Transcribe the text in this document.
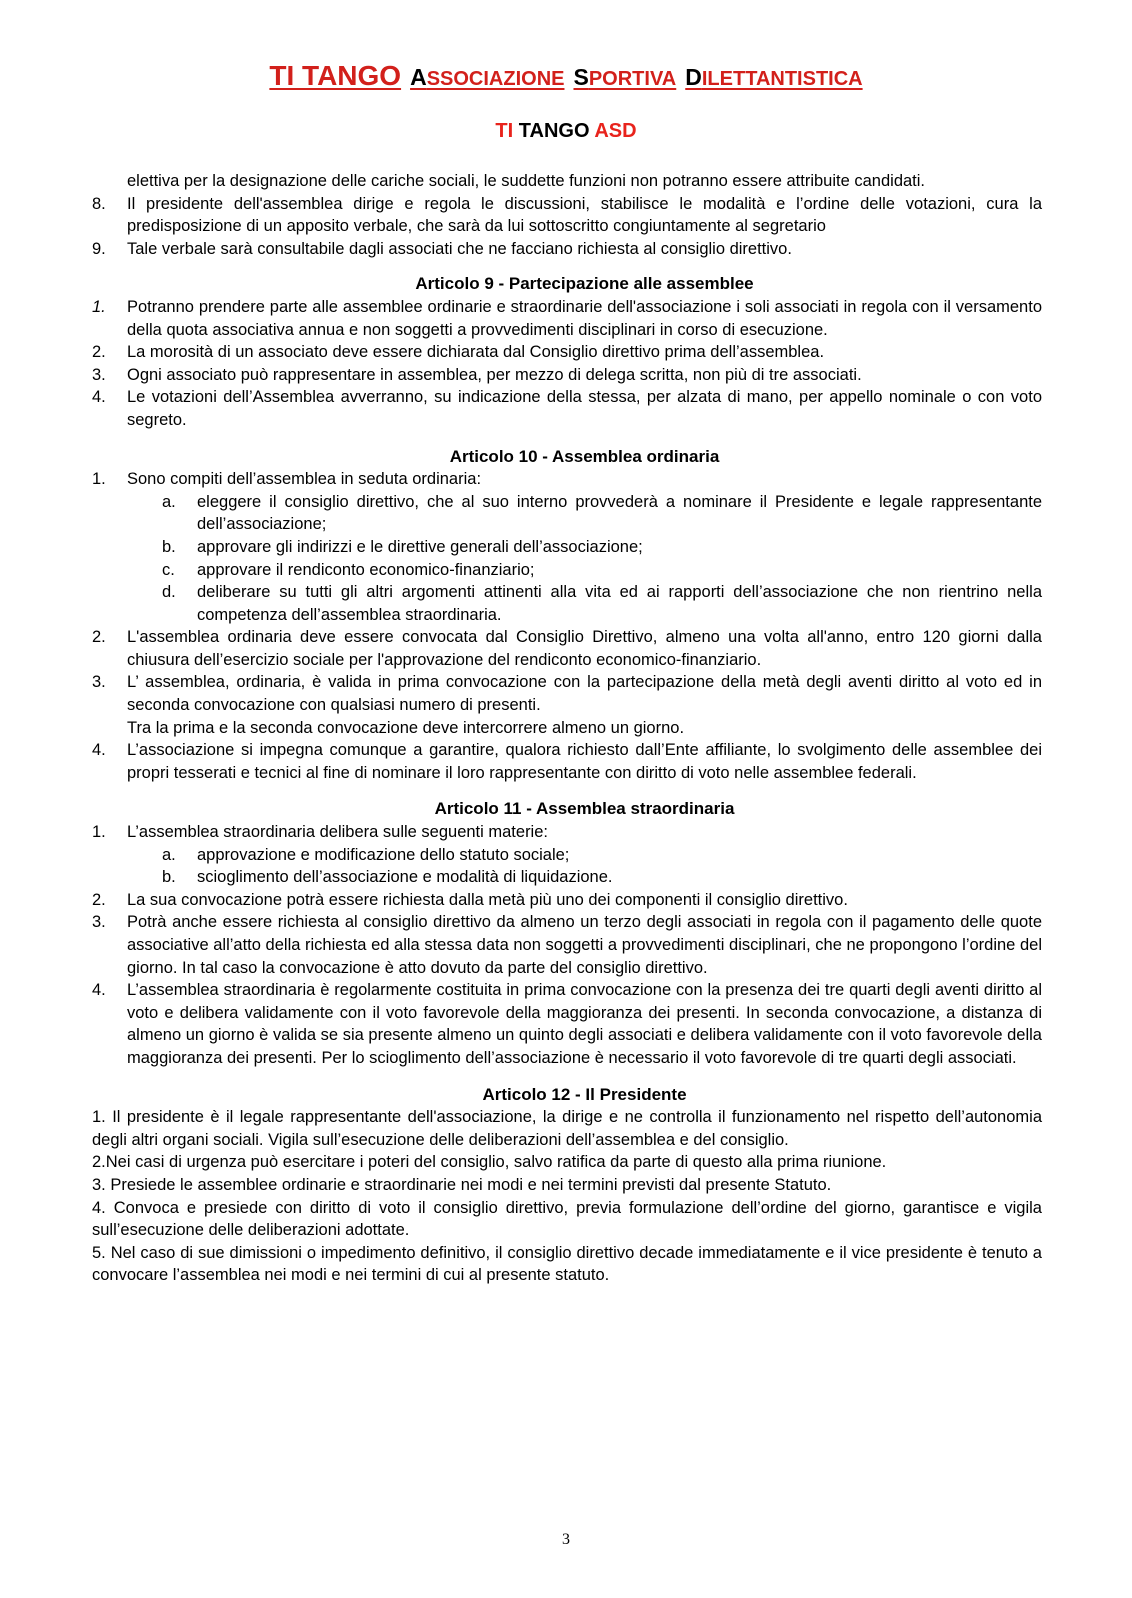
TI TANGO ASSOCIAZIONE SPORTIVA DILETTANTISTICA
TI TANGO ASD
elettiva per la designazione delle cariche sociali, le suddette funzioni non potranno essere attribuite candidati.
8. Il presidente dell'assemblea dirige e regola le discussioni, stabilisce le modalità e l’ordine delle votazioni, cura la predisposizione di un apposito verbale, che sarà da lui sottoscritto congiuntamente al segretario
9. Tale verbale sarà consultabile dagli associati che ne facciano richiesta al consiglio direttivo.
Articolo 9 - Partecipazione alle assemblee
1. Potranno prendere parte alle assemblee ordinarie e straordinarie dell'associazione i soli associati in regola con il versamento della quota associativa annua e non soggetti a provvedimenti disciplinari in corso di esecuzione.
2. La morosità di un associato deve essere dichiarata dal Consiglio direttivo prima dell’assemblea.
3. Ogni associato può rappresentare in assemblea, per mezzo di delega scritta, non più di tre associati.
4. Le votazioni dell’Assemblea avverranno, su indicazione della stessa, per alzata di mano, per appello nominale o con voto segreto.
Articolo 10 - Assemblea ordinaria
1. Sono compiti dell’assemblea in seduta ordinaria:
a. eleggere il consiglio direttivo, che al suo interno provvederà a nominare il Presidente e legale rappresentante dell’associazione;
b. approvare gli indirizzi e le direttive generali dell’associazione;
c. approvare il rendiconto economico-finanziario;
d. deliberare su tutti gli altri argomenti attinenti alla vita ed ai rapporti dell’associazione che non rientrino nella competenza dell’assemblea straordinaria.
2. L'assemblea ordinaria deve essere convocata dal Consiglio Direttivo, almeno una volta all'anno, entro 120 giorni dalla chiusura dell’esercizio sociale per l'approvazione del rendiconto economico-finanziario.
3. L’ assemblea, ordinaria, è valida in prima convocazione con la partecipazione della metà degli aventi diritto al voto ed in seconda convocazione con qualsiasi numero di presenti.
Tra la prima e la seconda convocazione deve intercorrere almeno un giorno.
4. L’associazione si impegna comunque a garantire, qualora richiesto dall’Ente affiliante, lo svolgimento delle assemblee dei propri tesserati e tecnici al fine di nominare il loro rappresentante con diritto di voto nelle assemblee federali.
Articolo 11 - Assemblea straordinaria
1. L’assemblea straordinaria delibera sulle seguenti materie:
a. approvazione e modificazione dello statuto sociale;
b. scioglimento dell’associazione e modalità di liquidazione.
2. La sua convocazione potrà essere richiesta dalla metà più uno dei componenti il consiglio direttivo.
3. Potrà anche essere richiesta al consiglio direttivo da almeno un terzo degli associati in regola con il pagamento delle quote associative all’atto della richiesta ed alla stessa data non soggetti a provvedimenti disciplinari, che ne propongono l’ordine del giorno. In tal caso la convocazione è atto dovuto da parte del consiglio direttivo.
4. L’assemblea straordinaria è regolarmente costituita in prima convocazione con la presenza dei tre quarti degli aventi diritto al voto e delibera validamente con il voto favorevole della maggioranza dei presenti. In seconda convocazione, a distanza di almeno un giorno è valida se sia presente almeno un quinto degli associati e delibera validamente con il voto favorevole della maggioranza dei presenti. Per lo scioglimento dell’associazione è necessario il voto favorevole di tre quarti degli associati.
Articolo 12 - Il Presidente
1. Il presidente è il legale rappresentante dell'associazione, la dirige e ne controlla il funzionamento nel rispetto dell’autonomia degli altri organi sociali. Vigila sull’esecuzione delle deliberazioni dell’assemblea e del consiglio.
2.Nei casi di urgenza può esercitare i poteri del consiglio, salvo ratifica da parte di questo alla prima riunione.
3. Presiede le assemblee ordinarie e straordinarie nei modi e nei termini previsti dal presente Statuto.
4. Convoca e presiede con diritto di voto il consiglio direttivo, previa formulazione dell’ordine del giorno, garantisce e vigila sull’esecuzione delle deliberazioni adottate.
5. Nel caso di sue dimissioni o impedimento definitivo, il consiglio direttivo decade immediatamente e il vice presidente è tenuto a convocare l’assemblea nei modi e nei termini di cui al presente statuto.
3
